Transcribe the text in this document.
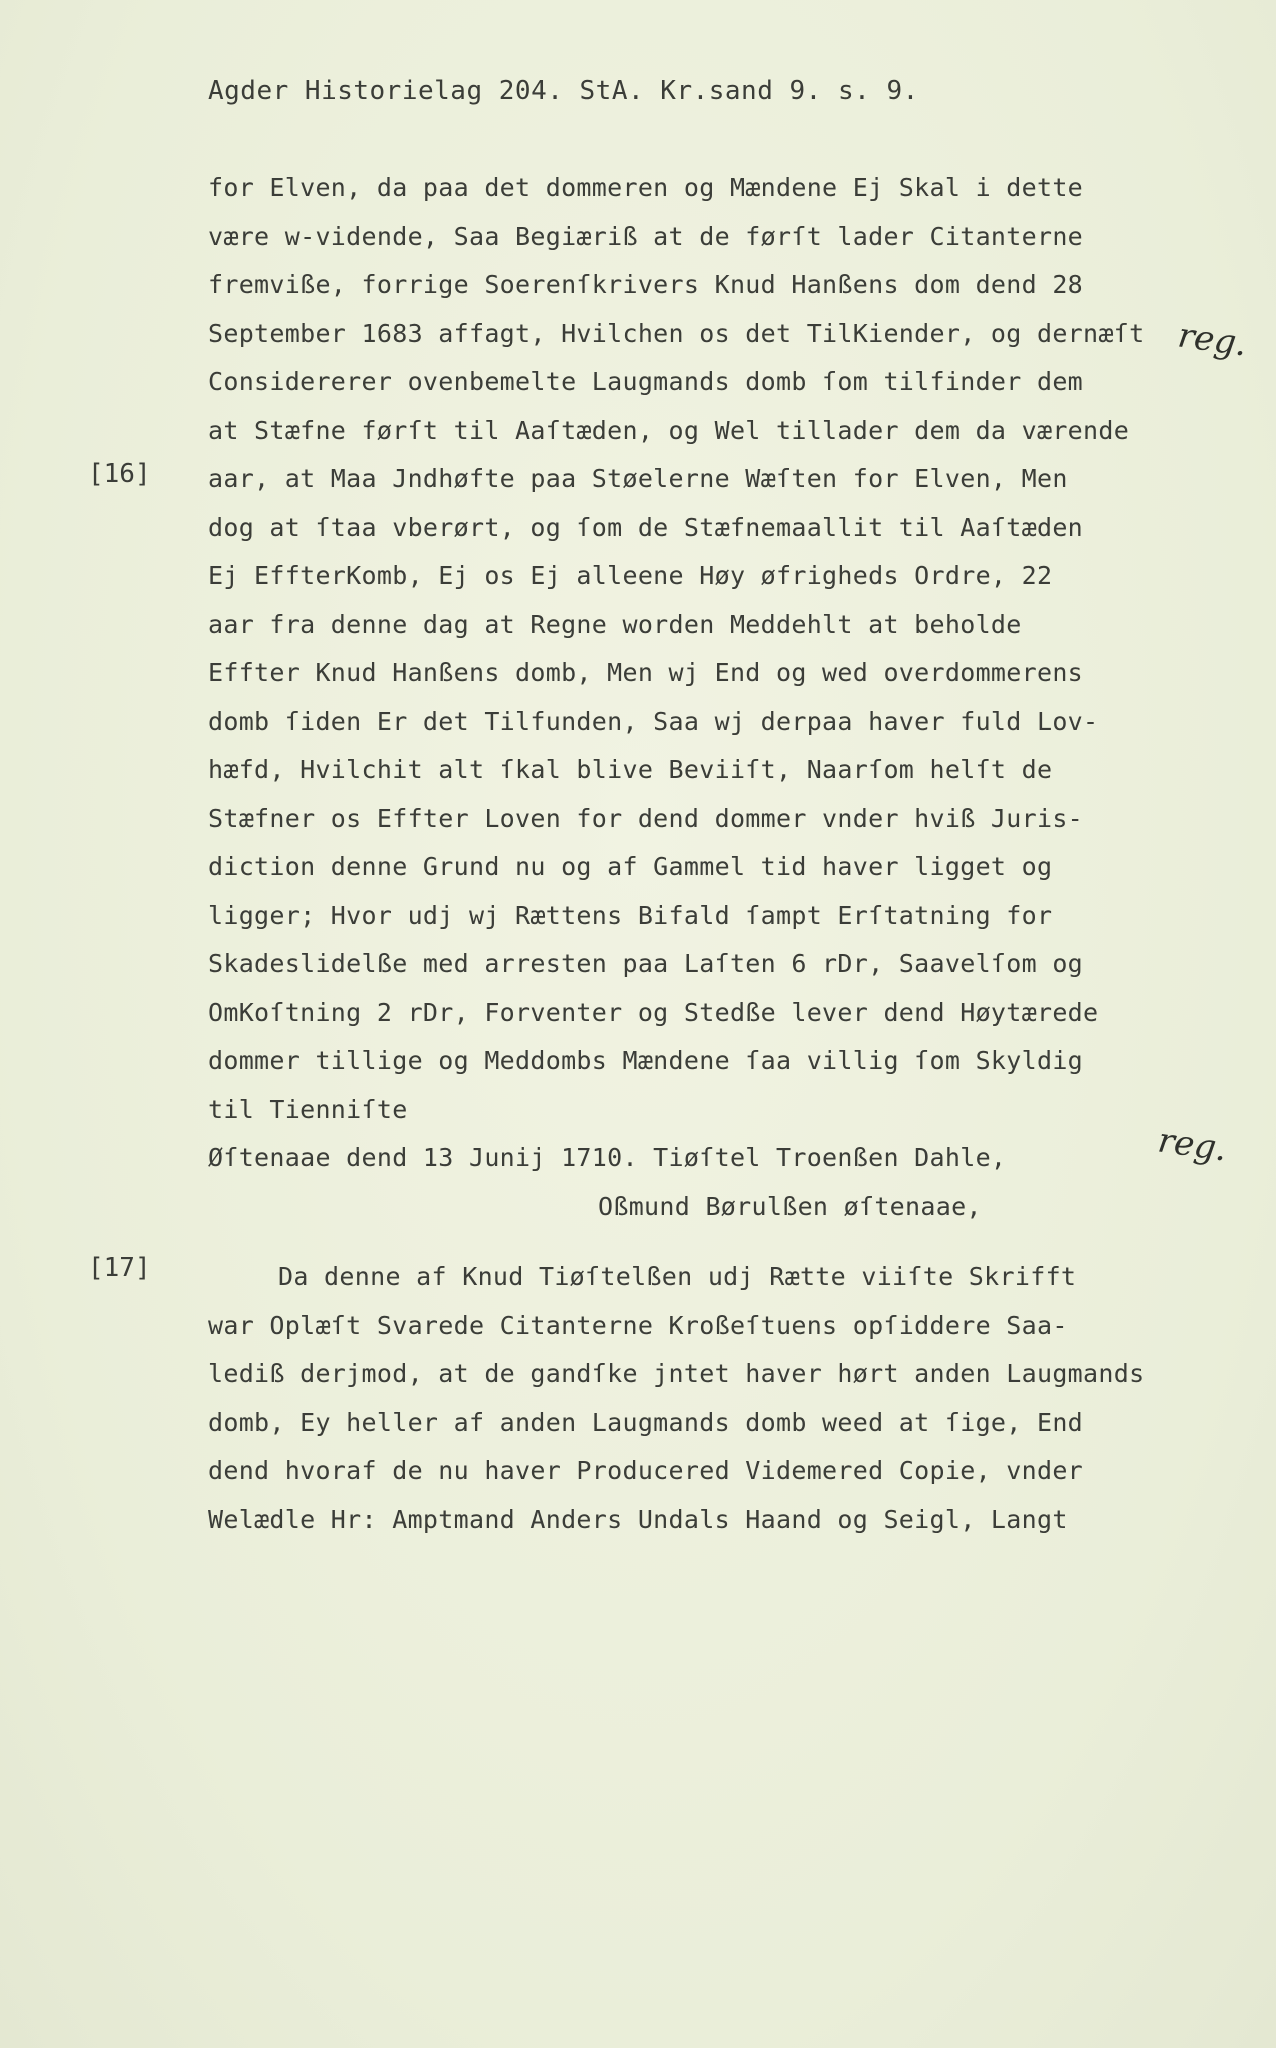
Agder Historielag 204. StA. Kr.sand 9. s. 9.
[16]
[17]
reg.
reg.
for Elven, da paa det dommeren og Mændene Ej Skal i dette
være w-vidende, Saa Begiæriß at de førſt lader Citanterne
fremviße, forrige Soerenſkrivers Knud Hanßens dom dend 28
September 1683 affagt, Hvilchen os det TilKiender, og dernæſt
Considererer ovenbemelte Laugmands domb ſom tilfinder dem
at Stæfne førſt til Aaſtæden, og Wel tillader dem da værende
aar, at Maa Jndhøfte paa Støelerne Wæſten for Elven, Men
dog at ſtaa vberørt, og ſom de Stæfnemaallit til Aaſtæden
Ej EffterKomb, Ej os Ej alleene Høy øfrigheds Ordre, 22
aar fra denne dag at Regne worden Meddehlt at beholde
Effter Knud Hanßens domb, Men wj End og wed overdommerens
domb ſiden Er det Tilfunden, Saa wj derpaa haver fuld Lov-
hæfd, Hvilchit alt ſkal blive Beviiſt, Naarſom helſt de
Stæfner os Effter Loven for dend dommer vnder hviß Juris-
diction denne Grund nu og af Gammel tid haver ligget og
ligger; Hvor udj wj Rættens Bifald ſampt Erſtatning for
Skadeslidelße med arresten paa Laſten 6 rDr, Saavelſom og
OmKoſtning 2 rDr, Forventer og Stedße lever dend Høytærede
dommer tillige og Meddombs Mændene ſaa villig ſom Skyldig
til Tienniſte
Øſtenaae dend 13 Junij 1710. Tiøſtel Troenßen Dahle,
Oßmund Børulßen øſtenaae,
Da denne af Knud Tiøſtelßen udj Rætte viiſte Skrifft
war Oplæſt Svarede Citanterne Kroßeſtuens opſiddere Saa-
lediß derjmod, at de gandſke jntet haver hørt anden Laugmands
domb, Ey heller af anden Laugmands domb weed at ſige, End
dend hvoraf de nu haver Producered Videmered Copie, vnder
Welædle Hr: Amptmand Anders Undals Haand og Seigl, Langt
